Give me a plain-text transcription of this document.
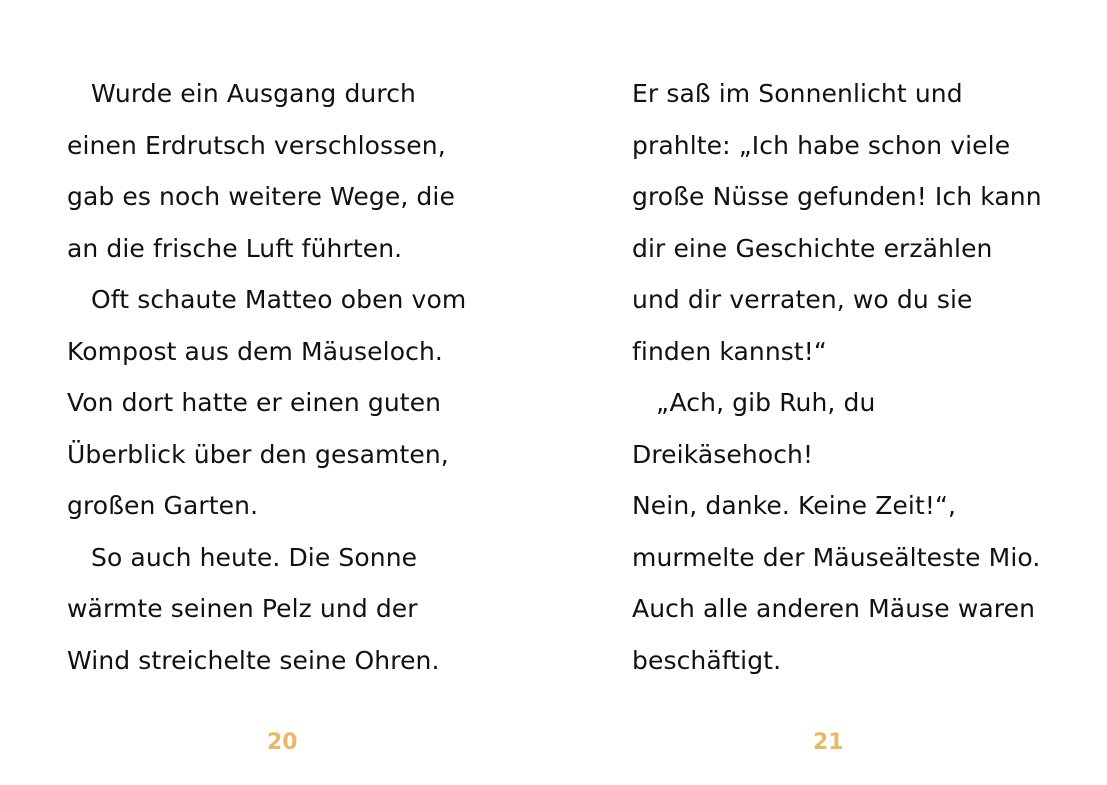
Wurde ein Ausgang durch
einen Erdrutsch verschlossen,
gab es noch weitere Wege, die
an die frische Luft führten.
Oft schaute Matteo oben vom
Kompost aus dem Mäuseloch.
Von dort hatte er einen guten
Überblick über den gesamten,
großen Garten.
So auch heute. Die Sonne
wärmte seinen Pelz und der
Wind streichelte seine Ohren.
20
Er saß im Sonnenlicht und
prahlte: „Ich habe schon viele
große Nüsse gefunden! Ich kann
dir eine Geschichte erzählen
und dir verraten, wo du sie
finden kannst!“
„Ach, gib Ruh, du
Dreikäsehoch!
Nein, danke. Keine Zeit!“,
murmelte der Mäuseälteste Mio.
Auch alle anderen Mäuse waren
beschäftigt.
21
